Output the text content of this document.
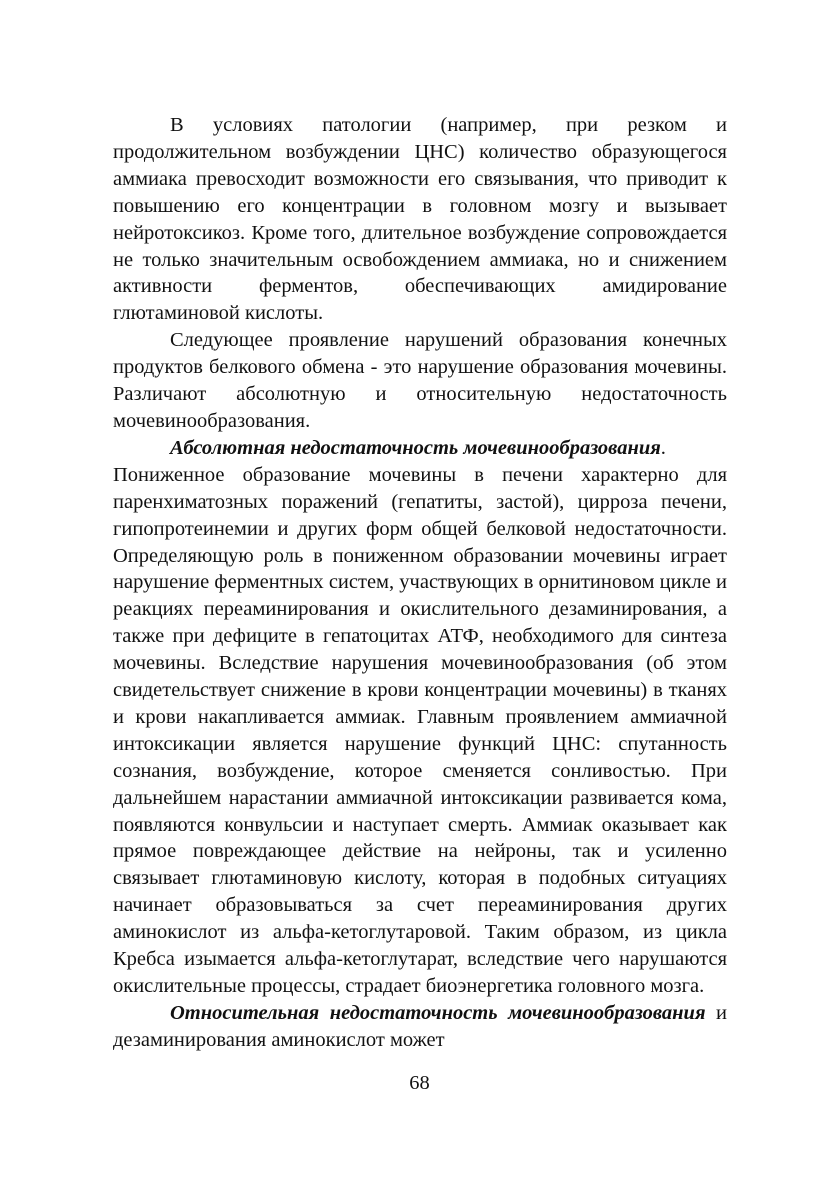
В условиях патологии (например, при резком и продолжительном возбуждении ЦНС) количество образующегося аммиака превосходит возможности его связывания, что приводит к повышению его концентрации в головном мозгу и вызывает нейротоксикоз. Кроме того, длительное возбуждение сопровождается не только значительным освобождением аммиака, но и снижением активности ферментов, обеспечивающих амидирование глютаминовой кислоты.

Следующее проявление нарушений образования конечных продуктов белкового обмена - это нарушение образования мочевины. Различают абсолютную и относительную недостаточность мочевинообразования.

Абсолютная недостаточность мочевинообразования.

Пониженное образование мочевины в печени характерно для паренхиматозных поражений (гепатиты, застой), цирроза печени, гипопротеинемии и других форм общей белковой недостаточности. Определяющую роль в пониженном образовании мочевины играет нарушение ферментных систем, участвующих в орнитиновом цикле и реакциях переаминирования и окислительного дезаминирования, а также при дефиците в гепатоцитах АТФ, необходимого для синтеза мочевины. Вследствие нарушения мочевинообразования (об этом свидетельствует снижение в крови концентрации мочевины) в тканях и крови накапливается аммиак. Главным проявлением аммиачной интоксикации является нарушение функций ЦНС: спутанность сознания, возбуждение, которое сменяется сонливостью. При дальнейшем нарастании аммиачной интоксикации развивается кома, появляются конвульсии и наступает смерть. Аммиак оказывает как прямое повреждающее действие на нейроны, так и усиленно связывает глютаминовую кислоту, которая в подобных ситуациях начинает образовываться за счет переаминирования других аминокислот из альфа-кетоглутаровой. Таким образом, из цикла Кребса изымается альфа-кетоглутарат, вследствие чего нарушаются окислительные процессы, страдает биоэнергетика головного мозга.

Относительная недостаточность мочевинообразования и дезаминирования аминокислот может

68
